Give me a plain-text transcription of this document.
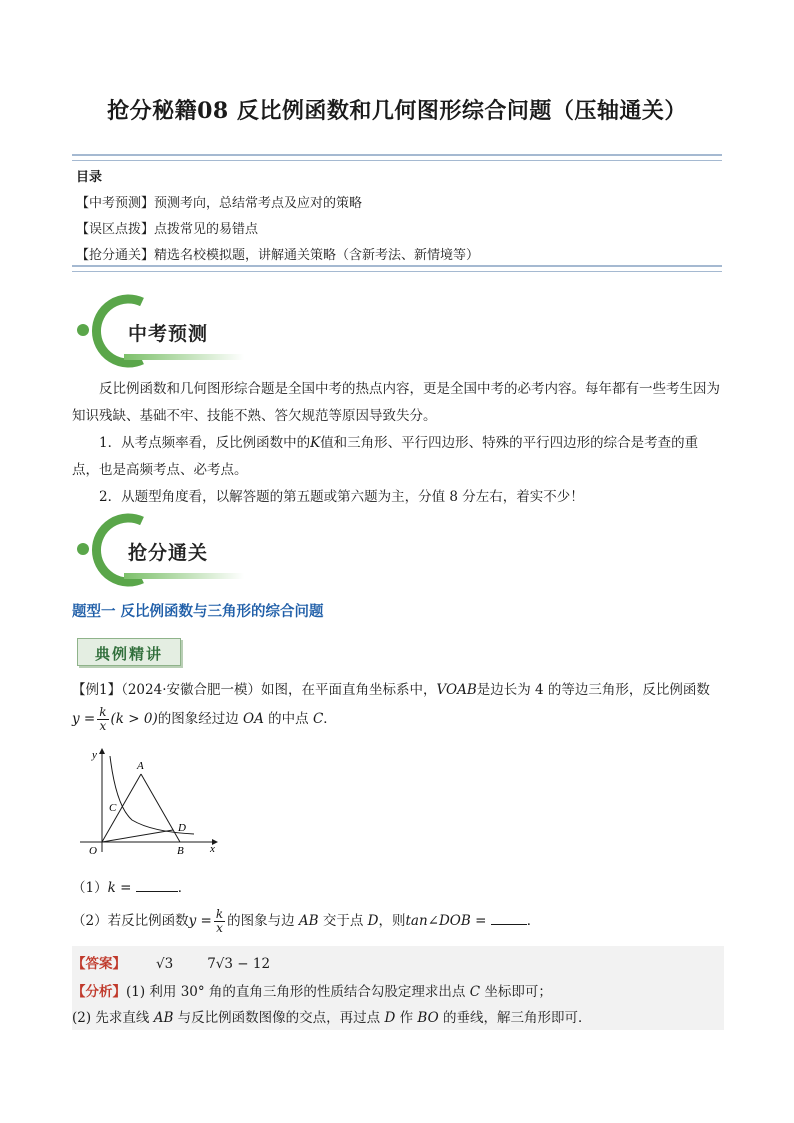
抢分秘籍08 反比例函数和几何图形综合问题（压轴通关）
目录
【中考预测】预测考向，总结常考点及应对的策略
【误区点拨】点拨常见的易错点
【抢分通关】精选名校模拟题，讲解通关策略（含新考法、新情境等）
中考预测
反比例函数和几何图形综合题是全国中考的热点内容，更是全国中考的必考内容。每年都有一些考生因为知识残缺、基础不牢、技能不熟、答欠规范等原因导致失分。
1．从考点频率看，反比例函数中的K值和三角形、平行四边形、特殊的平行四边形的综合是考查的重点，也是高频考点、必考点。
2．从题型角度看，以解答题的第五题或第六题为主，分值 8 分左右，着实不少！
抢分通关
题型一 反比例函数与三角形的综合问题
典例精讲
【例1】（2024·安徽合肥一模）如图，在平面直角坐标系中，VOAB是边长为 4 的等边三角形，反比例函数
$y = \frac{k}{x} (k > 0)$的图象经过边 OA 的中点 C．
y
x
O
A
B
C
D
（1）k =	．
（2）若反比例函数$y = \frac{k}{x}$ 的图象与边 AB 交于点 D，则tan∠DOB =	．
【答案】 √3	7√3 − 12
【分析】(1) 利用 30° 角的直角三角形的性质结合勾股定理求出点 C 坐标即可；
(2) 先求直线 AB 与反比例函数图像的交点，再过点 D 作 BO 的垂线，解三角形即可．
